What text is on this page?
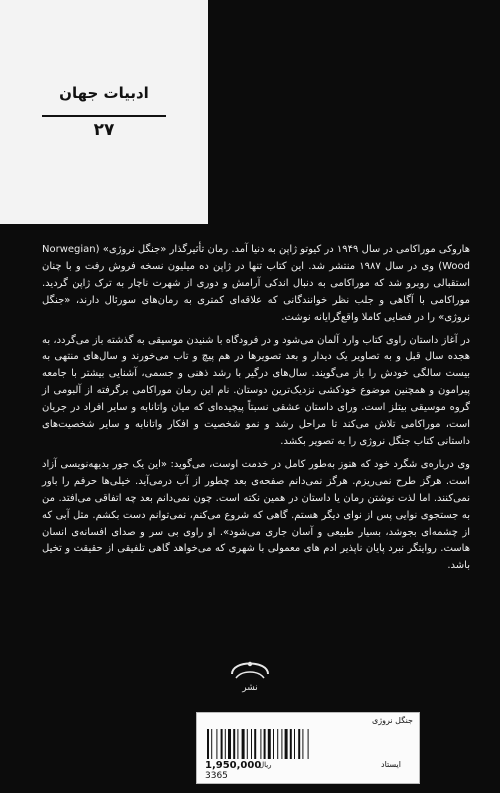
ادبیات جهان
۲۷

هاروکی موراکامی در سال ۱۹۴۹ در کیوتو ژاپن به دنیا آمد. رمان تأثیرگذار «جنگل نروژی» (Norwegian Wood) وی در سال ۱۹۸۷ منتشر شد. این کتاب تنها در ژاپن ده میلیون نسخه فروش رفت و با چنان استقبالی روبرو شد که موراکامی به دنبال اندکی آرامش و دوری از شهرت ناچار به ترک ژاپن گردید. موراکامی با آگاهی و جلب نظر خوانندگانی که علاقه‌ای کمتری به رمان‌های سورئال دارند، «جنگل نروژی» را در فضایی کاملا واقع‌گرایانه نوشت.

در آغاز داستان راوی کتاب وارد آلمان می‌شود و در فرودگاه با شنیدن موسیقی به گذشته باز می‌گردد، به هجده سال قبل و به تصاویر یک دیدار و بعد تصویرها در هم پیچ و تاب می‌خورند و سال‌های منتهی به بیست سالگی خودش را باز می‌گویند. سال‌های درگیر با رشد ذهنی و جسمی، آشنایی بیشتر با جامعه پیرامون و همچنین موضوع خودکشی نزدیک‌ترین دوستان. نام این رمان موراکامی برگرفته از آلبومی از گروه موسیقی بیتلز است. ورای داستان عشقی نسبتاً پیچیده‌ای که میان واتانابه و سایر افراد در جریان است، موراکامی تلاش می‌کند تا مراحل رشد و نمو شخصیت و افکار واتانابه و سایر شخصیت‌های داستانی کتاب جنگل نروژی را به تصویر بکشد.

وی درباره‌ی شگرد خود که هنوز به‌طور کامل در خدمت اوست، می‌گوید: «این یک جور بدیهه‌نویسی آزاد است. هرگز طرح نمی‌ریزم. هرگز نمی‌دانم صفحه‌ی بعد چطور از آب درمی‌آید. خیلی‌ها حرفم را باور نمی‌کنند. اما لذت نوشتن رمان یا داستان در همین نکته است. چون نمی‌دانم بعد چه اتفاقی می‌افتد. من به جستجوی نوایی پس از نوای دیگر هستم. گاهی که شروع می‌کنم، نمی‌توانم دست بکشم. مثل آبی که از چشمه‌ای بجوشد، بسیار طبیعی و آسان جاری می‌شود». او راوی بی سر و صدای افسانه‌ی انسان هاست. روایتگر نبرد پایان ناپذیر ادم های معمولی با شهری که می‌خواهد گاهی تلفیقی از حقیقت و تخیل باشد.

نشر
جنگل نروژی
1,950,000
ریال
3365
ایستاد
